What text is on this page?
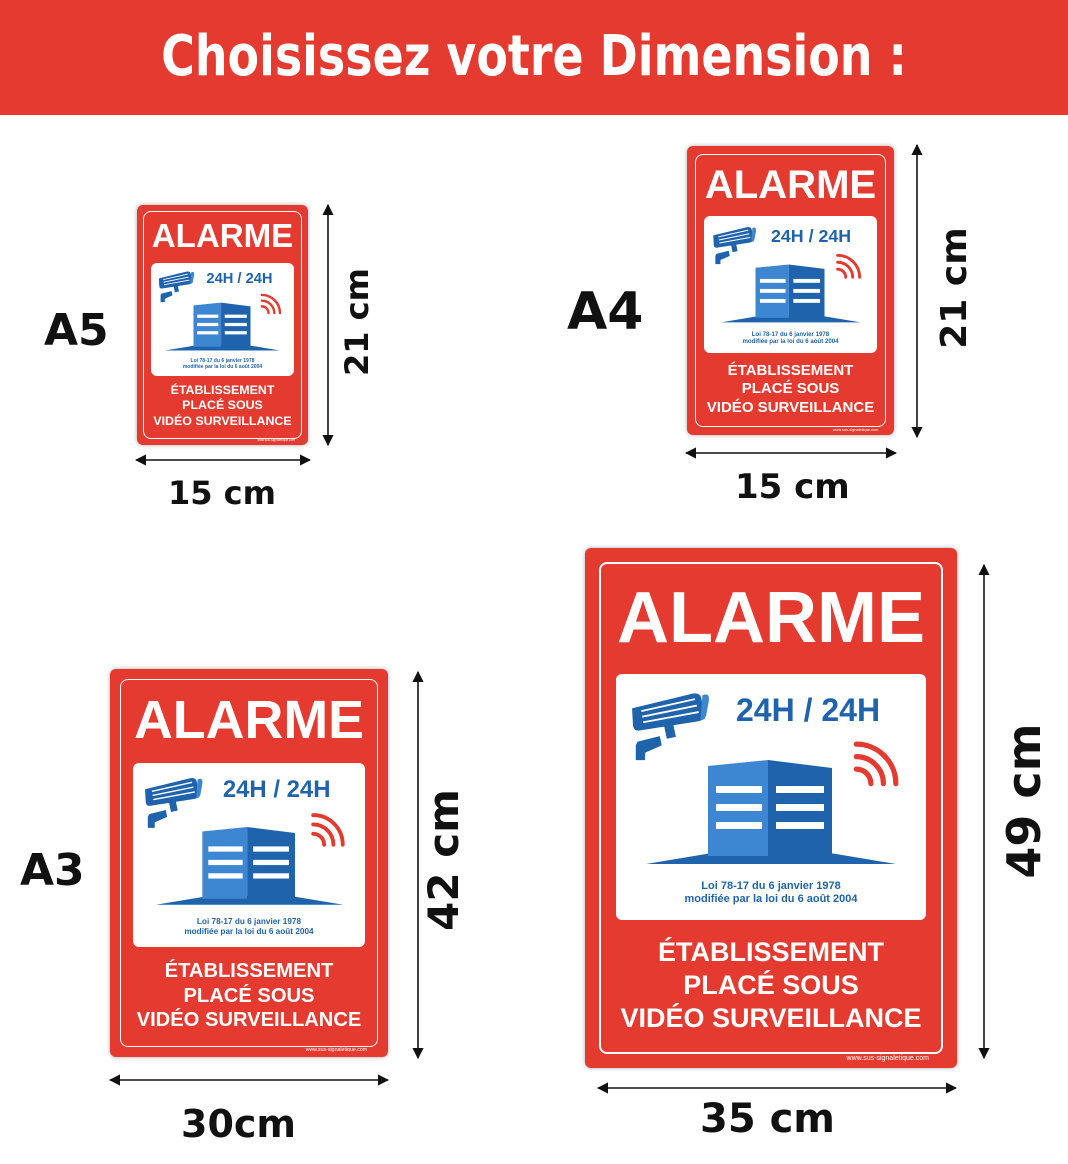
Choisissez votre Dimension :
A5	A4
A3
15 cm	15 cm
30cm	35 cm
21 cm	21 cm
42 cm	49 cm
ALARME
24H / 24H
Loi 78-17 du 6 janvier 1978
modifiée par la loi du 6 août 2004
ÉTABLISSEMENT
PLACÉ SOUS
VIDÉO SURVEILLANCE
www.sus-signaletique.com
ALARME
24H / 24H
Loi 78-17 du 6 janvier 1978
modifiée par la loi du 6 août 2004
ÉTABLISSEMENT
PLACÉ SOUS
VIDÉO SURVEILLANCE
www.sus-signaletique.com
ALARME
24H / 24H
Loi 78-17 du 6 janvier 1978
modifiée par la loi du 6 août 2004
ÉTABLISSEMENT
PLACÉ SOUS
VIDÉO SURVEILLANCE
www.sus-signaletique.com
ALARME
24H / 24H
Loi 78-17 du 6 janvier 1978
modifiée par la loi du 6 août 2004
ÉTABLISSEMENT
PLACÉ SOUS
VIDÉO SURVEILLANCE
www.sus-signaletique.com
